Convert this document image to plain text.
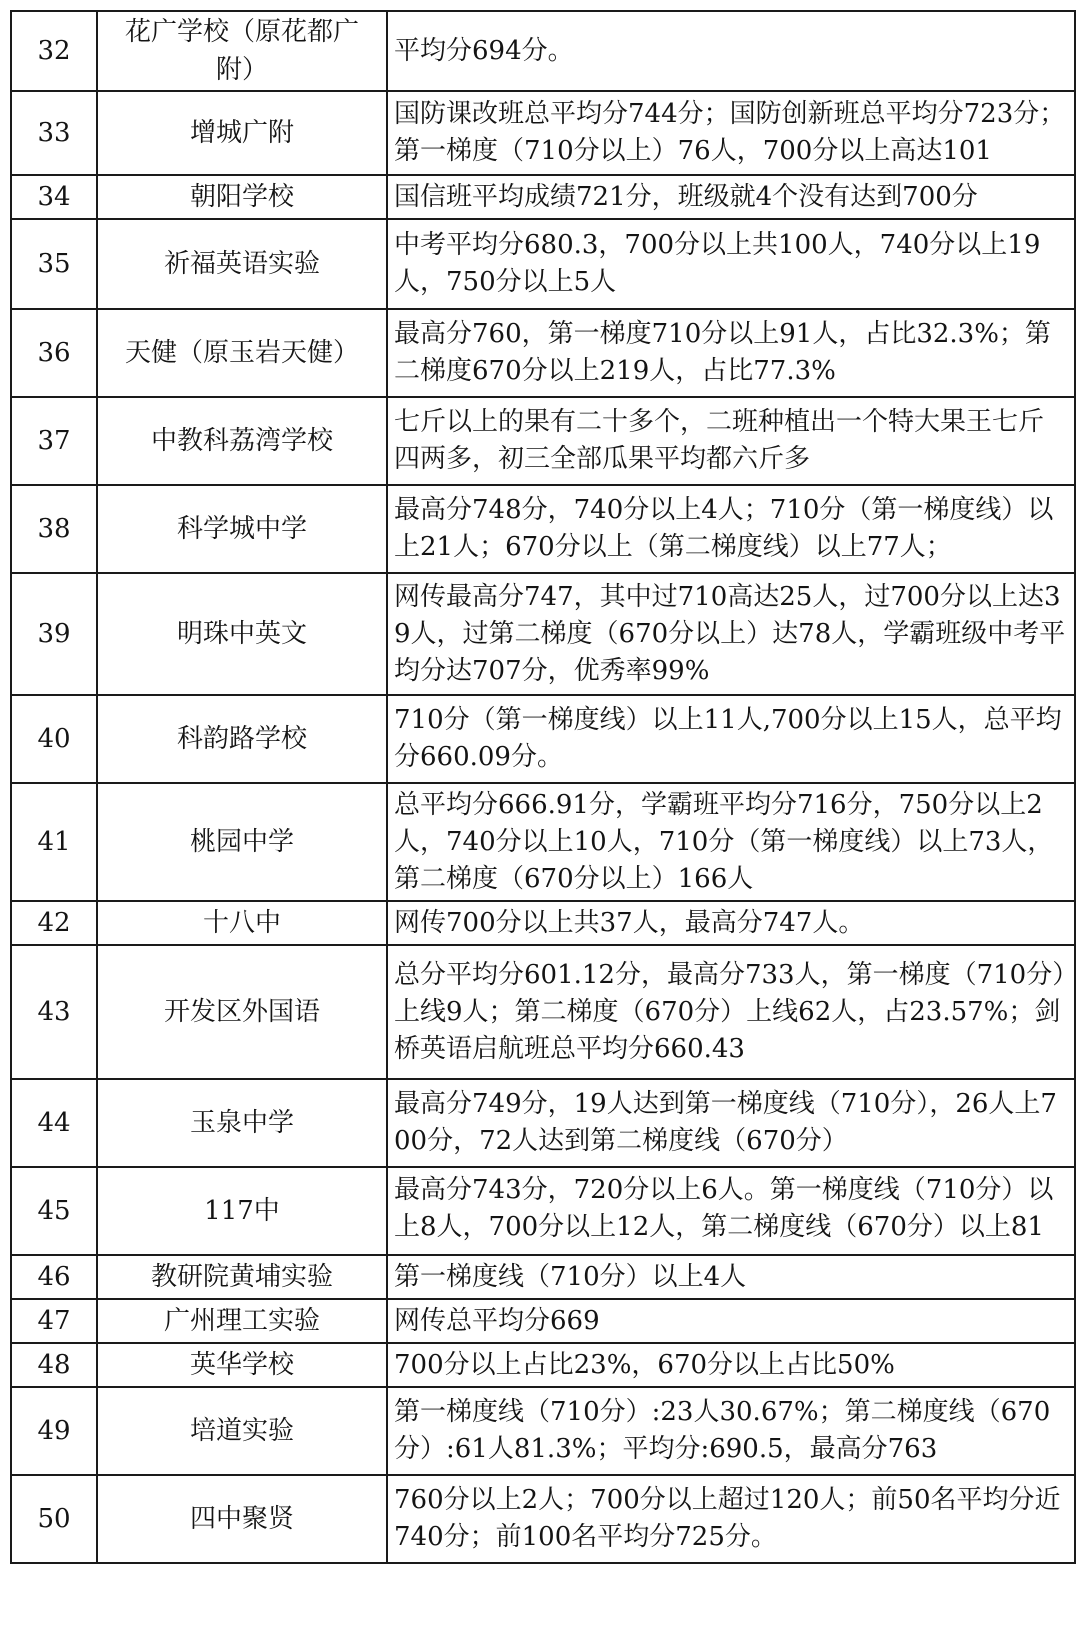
32	花广学校（原花都广附）	平均分694分。

33	增城广附	国防课改班总平均分744分；国防创新班总平均分723分；第一梯度（710分以上）76人，700分以上高达101

34	朝阳学校	国信班平均成绩721分，班级就4个没有达到700分

35	祈福英语实验	中考平均分680.3，700分以上共100人，740分以上19人，750分以上5人

36	天健（原玉岩天健）	最高分760，第一梯度710分以上91人，占比32.3%；第二梯度670分以上219人，占比77.3%

37	中教科荔湾学校	七斤以上的果有二十多个，二班种植出一个特大果王七斤四两多，初三全部瓜果平均都六斤多

38	科学城中学	最高分748分，740分以上4人；710分（第一梯度线）以上21人；670分以上（第二梯度线）以上77人；

39	明珠中英文	网传最高分747，其中过710高达25人，过700分以上达39人，过第二梯度（670分以上）达78人，学霸班级中考平均分达707分，优秀率99%

40	科韵路学校	710分（第一梯度线）以上11人,700分以上15人，总平均分660.09分。

41	桃园中学	总平均分666.91分，学霸班平均分716分，750分以上2人，740分以上10人，710分（第一梯度线）以上73人，第二梯度（670分以上）166人

42	十八中	网传700分以上共37人，最高分747人。

43	开发区外国语	总分平均分601.12分，最高分733人，第一梯度（710分）上线9人；第二梯度（670分）上线62人，占23.57%；剑桥英语启航班总平均分660.43

44	玉泉中学	最高分749分，19人达到第一梯度线（710分），26人上700分，72人达到第二梯度线（670分）

45	117中	最高分743分，720分以上6人。第一梯度线（710分）以上8人，700分以上12人，第二梯度线（670分）以上81

46	教研院黄埔实验	第一梯度线（710分）以上4人

47	广州理工实验	网传总平均分669

48	英华学校	700分以上占比23%，670分以上占比50%

49	培道实验	第一梯度线（710分）:23人30.67%；第二梯度线（670分）:61人81.3%；平均分:690.5，最高分763

50	四中聚贤	760分以上2人；700分以上超过120人；前50名平均分近740分；前100名平均分725分。
